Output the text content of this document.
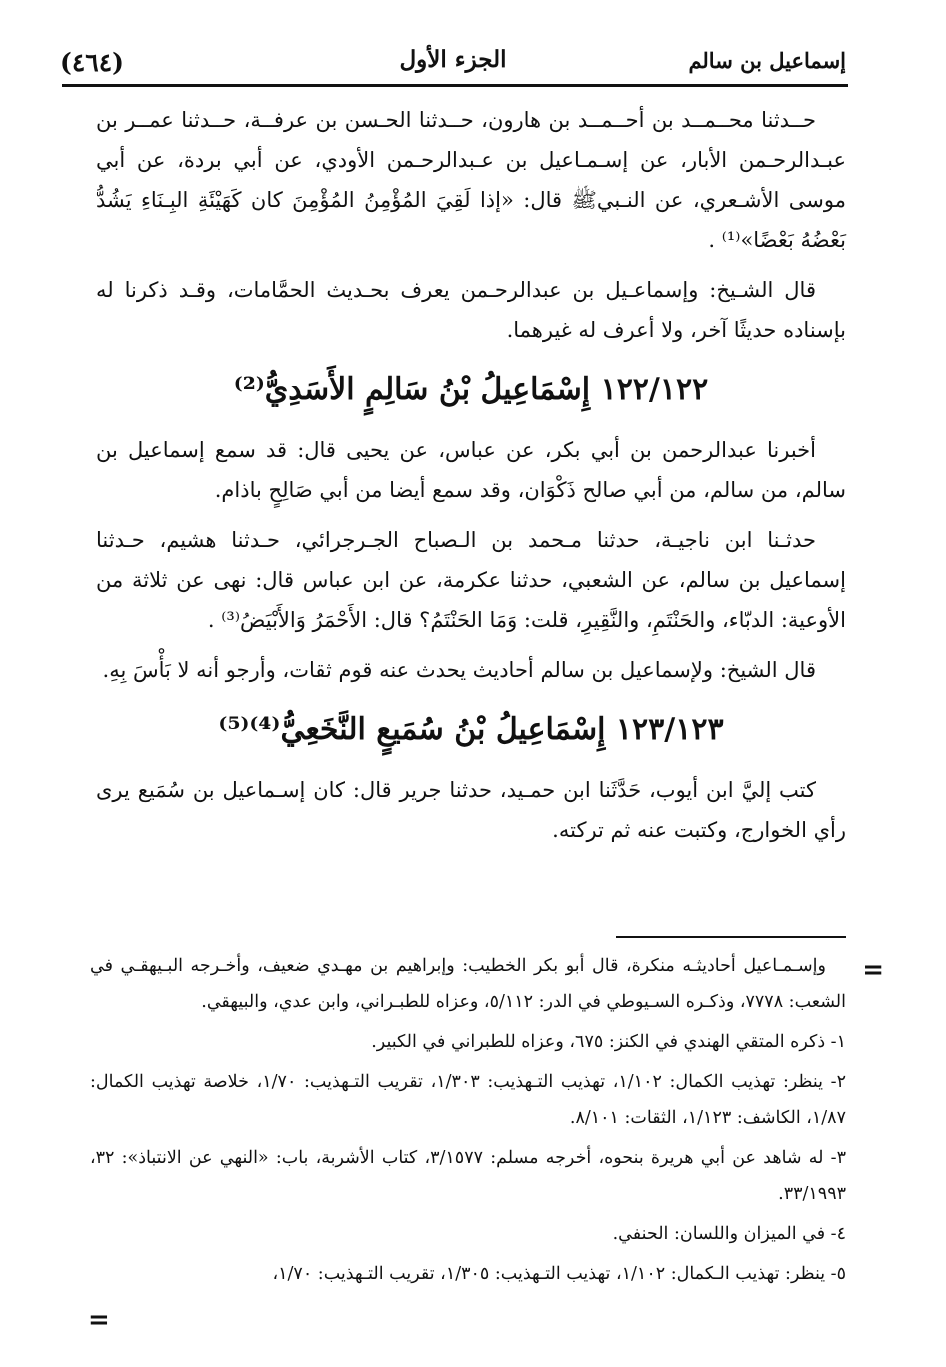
(٤٦٤)	الجزء الأول	إسماعيل بن سالم

حــدثنا محــمــد بن أحــمــد بن هارون، حــدثنا الحـسن بن عرفــة، حــدثنا عمــر بن عبـدالرحـمن الأبار، عن إسـمـاعيل بن عـبدالرحـمن الأودي، عن أبي بردة، عن أبي موسى الأشـعري، عن النـبيﷺ قال: «إذا لَقِيَ المُؤْمِنُ المُؤْمِنَ كان كَهَيْئَةِ البِـنَاءِ يَشُدُّ بَعْضُهُ بَعْضًا»⁽¹⁾ .

قال الشـيخ: وإسماعـيل بن عبدالرحـمن يعرف بحـديث الحمَّامات، وقـد ذكرنا له بإسناده حديثًا آخر، ولا أعرف له غيرهما.

١٢٢/١٢٢ إِسْمَاعِيلُ بْنُ سَالِمٍ الأَسَدِيُّ⁽²⁾

أخبرنا عبدالرحمن بن أبي بكر، عن عباس، عن يحيى قال: قد سمع إسماعيل بن سالم، من سالم، من أبي صالح ذَكْوَان، وقد سمع أيضا من أبي صَالِحٍ باذام.

حدثـنا ابن ناجيـة، حدثنا مـحمد بن الـصباح الجـرجرائي، حـدثنا هشيم، حـدثنا إسماعيل بن سالم، عن الشعبي، حدثنا عكرمة، عن ابن عباس قال: نهى عن ثلاثة من الأوعية: الدبّاء، والحَنْتَمِ، والنَّقِيرِ، قلت: وَمَا الحَنْتَمُ؟ قال: الأَحْمَرُ وَالأَبْيَضُ⁽³⁾ .

قال الشيخ: ولإسماعيل بن سالم أحاديث يحدث عنه قوم ثقات، وأرجو أنه لا بَأْسَ بِهِ.

١٢٣/١٢٣ إِسْمَاعِيلُ بْنُ سُمَيعٍ النَّخَعِيُّ⁽⁴⁾⁽⁵⁾

كتب إليَّ ابن أيوب، حَدَّثَنا ابن حمـيد، حدثنا جرير قال: كان إسـماعيل بن سُمَيع يرى رأي الخوارج، وكتبت عنه ثم تركته.

=

وإسـمـاعيل أحاديثـه منكرة، قال أبو بكر الخطيب: وإبراهيم بن مهـدي ضعيف، وأخـرجه البـيهقـي في الشعب: ٧٧٧٨، وذكـره السـيوطي في الدر: ٥/١١٢، وعزاه للطبـراني، وابن عدي، والبيهقي.

١- ذكره المتقي الهندي في الكنز: ٦٧٥، وعزاه للطبراني في الكبير.

٢- ينظر: تهذيب الكمال: ١/١٠٢، تهذيب التـهذيب: ١/٣٠٣، تقريب التـهذيب: ١/٧٠، خلاصة تهذيب الكمال: ١/٨٧، الكاشف: ١/١٢٣، الثقات: ٨/١٠١.

٣- له شاهد عن أبي هريرة بنحوه، أخرجه مسلم: ٣/١٥٧٧، كتاب الأشربة، باب: «النهي عن الانتباذ»: ٣٢، ٣٣/١٩٩٣.

٤- في الميزان واللسان: الحنفي.

٥- ينظر: تهذيب الـكمال: ١/١٠٢، تهذيب التـهذيب: ١/٣٠٥، تقريب التـهذيب: ١/٧٠،

=
